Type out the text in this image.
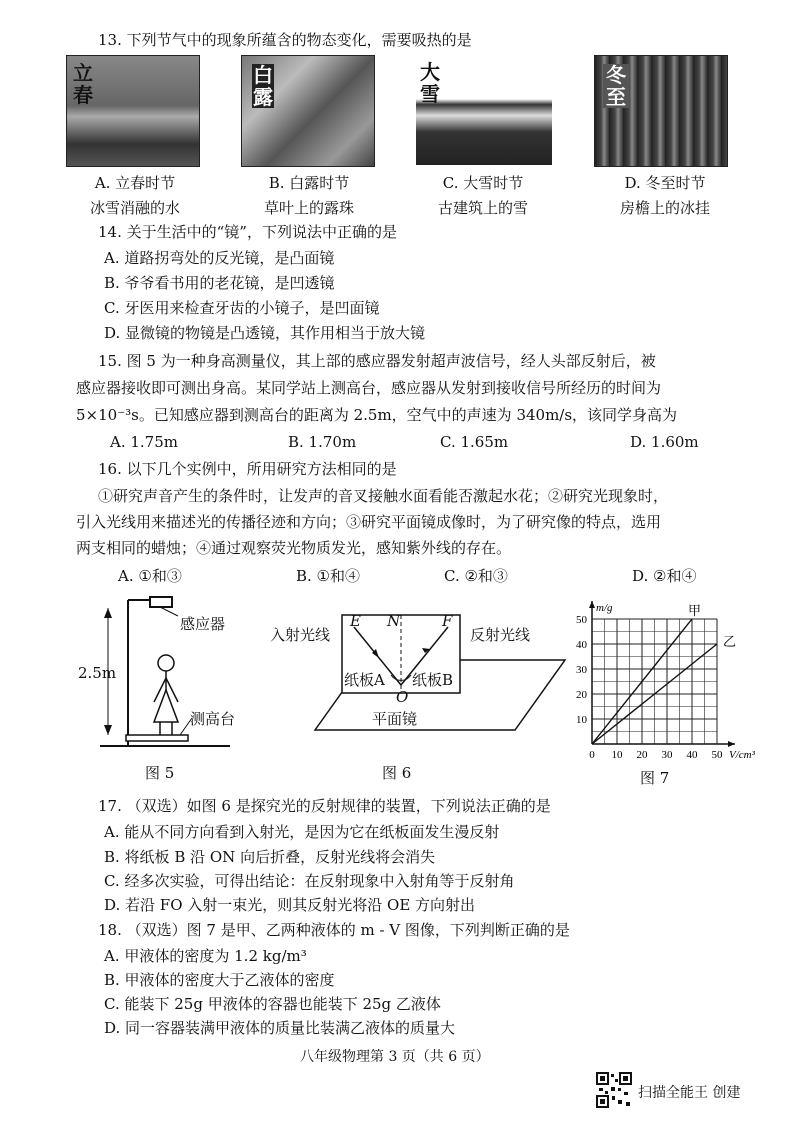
13. 下列节气中的现象所蕴含的物态变化，需要吸热的是
立
春
白
露
大
雪
冬
至
A. 立春时节	B. 白露时节	C. 大雪时节	D. 冬至时节
冰雪消融的水	草叶上的露珠	古建筑上的雪	房檐上的冰挂
14. 关于生活中的“镜”，下列说法中正确的是
A. 道路拐弯处的反光镜，是凸面镜
B. 爷爷看书用的老花镜，是凹透镜
C. 牙医用来检查牙齿的小镜子，是凹面镜
D. 显微镜的物镜是凸透镜，其作用相当于放大镜
15. 图 5 为一种身高测量仪，其上部的感应器发射超声波信号，经人头部反射后，被
感应器接收即可测出身高。某同学站上测高台，感应器从发射到接收信号所经历的时间为
5×10⁻³s。已知感应器到测高台的距离为 2.5m，空气中的声速为 340m/s，该同学身高为
A. 1.75m	B. 1.70m	C. 1.65m	D. 1.60m
16. 以下几个实例中，所用研究方法相同的是
①研究声音产生的条件时，让发声的音叉接触水面看能否激起水花；②研究光现象时，
引入光线用来描述光的传播径迹和方向；③研究平面镜成像时，为了研究像的特点，选用
两支相同的蜡烛；④通过观察荧光物质发光，感知紫外线的存在。
A. ①和③	B. ①和④	C. ②和③	D. ②和④
感应器
2.5m
测高台
图 5
入射光线	反射光线
E N	F
纸板A 纸板B
O
平面镜
图 6
0 10 20 30 40 50
10
20
30
40
50
甲
乙
m/g
V/cm³
图 7
17. （双选）如图 6 是探究光的反射规律的装置，下列说法正确的是
A. 能从不同方向看到入射光，是因为它在纸板面发生漫反射
B. 将纸板 B 沿 ON 向后折叠，反射光线将会消失
C. 经多次实验，可得出结论：在反射现象中入射角等于反射角
D. 若沿 FO 入射一束光，则其反射光将沿 OE 方向射出
18. （双选）图 7 是甲、乙两种液体的 m - V 图像，下列判断正确的是
A. 甲液体的密度为 1.2 kg/m³
B. 甲液体的密度大于乙液体的密度
C. 能装下 25g 甲液体的容器也能装下 25g 乙液体
D. 同一容器装满甲液体的质量比装满乙液体的质量大
八年级物理第 3 页（共 6 页）
扫描全能王 创建
